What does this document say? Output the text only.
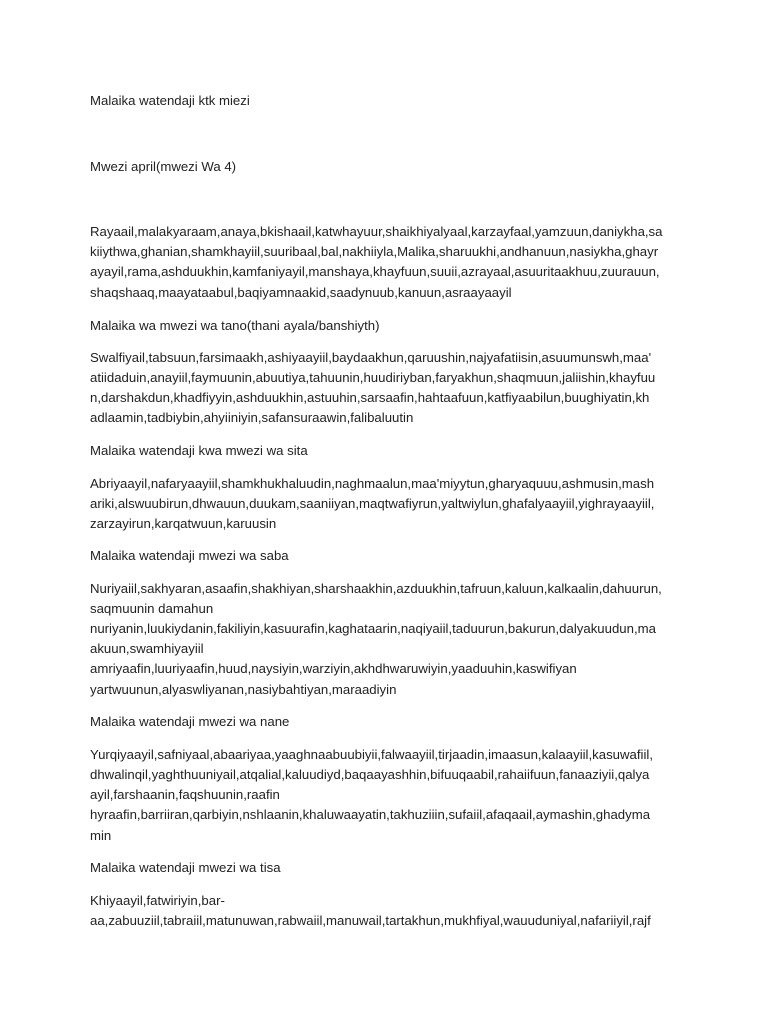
Malaika watendaji ktk miezi
Mwezi april(mwezi Wa 4)
Rayaail,malakyaraam,anaya,bkishaail,katwhayuur,shaikhiyalyaal,karzayfaal,yamzuun,daniykha,sa
kiiythwa,ghanian,shamkhayiil,suuribaal,bal,nakhiiyla,Malika,sharuukhi,andhanuun,nasiykha,ghayr
ayayil,rama,ashduukhin,kamfaniyayil,manshaya,khayfuun,suuii,azrayaal,asuuritaakhuu,zuurauun,
shaqshaaq,maayataabul,baqiyamnaakid,saadynuub,kanuun,asraayaayil
Malaika wa mwezi wa tano(thani ayala/banshiyth)
Swalfiyail,tabsuun,farsimaakh,ashiyaayiil,baydaakhun,qaruushin,najyafatiisin,asuumunswh,maa'
atiidaduin,anayiil,faymuunin,abuutiya,tahuunin,huudiriyban,faryakhun,shaqmuun,jaliishin,khayfuu
n,darshakdun,khadfiyyin,ashduukhin,astuuhin,sarsaafin,hahtaafuun,katfiyaabilun,buughiyatin,kh
adlaamin,tadbiybin,ahyiiniyin,safansuraawin,falibaluutin
Malaika watendaji kwa mwezi wa sita
Abriyaayil,nafaryaayiil,shamkhukhaluudin,naghmaalun,maa'miyytun,gharyaquuu,ashmusin,mash
ariki,alswuubirun,dhwauun,duukam,saaniiyan,maqtwafiyrun,yaltwiylun,ghafalyaayiil,yighrayaayiil,
zarzayirun,karqatwuun,karuusin
Malaika watendaji mwezi wa saba
Nuriyaiil,sakhyaran,asaafin,shakhiyan,sharshaakhin,azduukhin,tafruun,kaluun,kalkaalin,dahuurun,
saqmuunin damahun
nuriyanin,luukiydanin,fakiliyin,kasuurafin,kaghataarin,naqiyaiil,taduurun,bakurun,dalyakuudun,ma
akuun,swamhiyayiil
amriyaafin,luuriyaafin,huud,naysiyin,warziyin,akhdhwaruwiyin,yaaduuhin,kaswifiyan
yartwuunun,alyaswliyanan,nasiybahtiyan,maraadiyin
Malaika watendaji mwezi wa nane
Yurqiyaayil,safniyaal,abaariyaa,yaaghnaabuubiyii,falwaayiil,tirjaadin,imaasun,kalaayiil,kasuwafiil,
dhwalinqil,yaghthuuniyail,atqalial,kaluudiyd,baqaayashhin,bifuuqaabil,rahaiifuun,fanaaziyii,qalya
ayil,farshaanin,faqshuunin,raafin
hyraafin,barriiran,qarbiyin,nshlaanin,khaluwaayatin,takhuziiin,sufaiil,afaqaail,aymashin,ghadyma
min
Malaika watendaji mwezi wa tisa
Khiyaayil,fatwiriyin,bar-
aa,zabuuziil,tabraiil,matunuwan,rabwaiil,manuwail,tartakhun,mukhfiyal,wauuduniyal,nafariiyil,rajf
